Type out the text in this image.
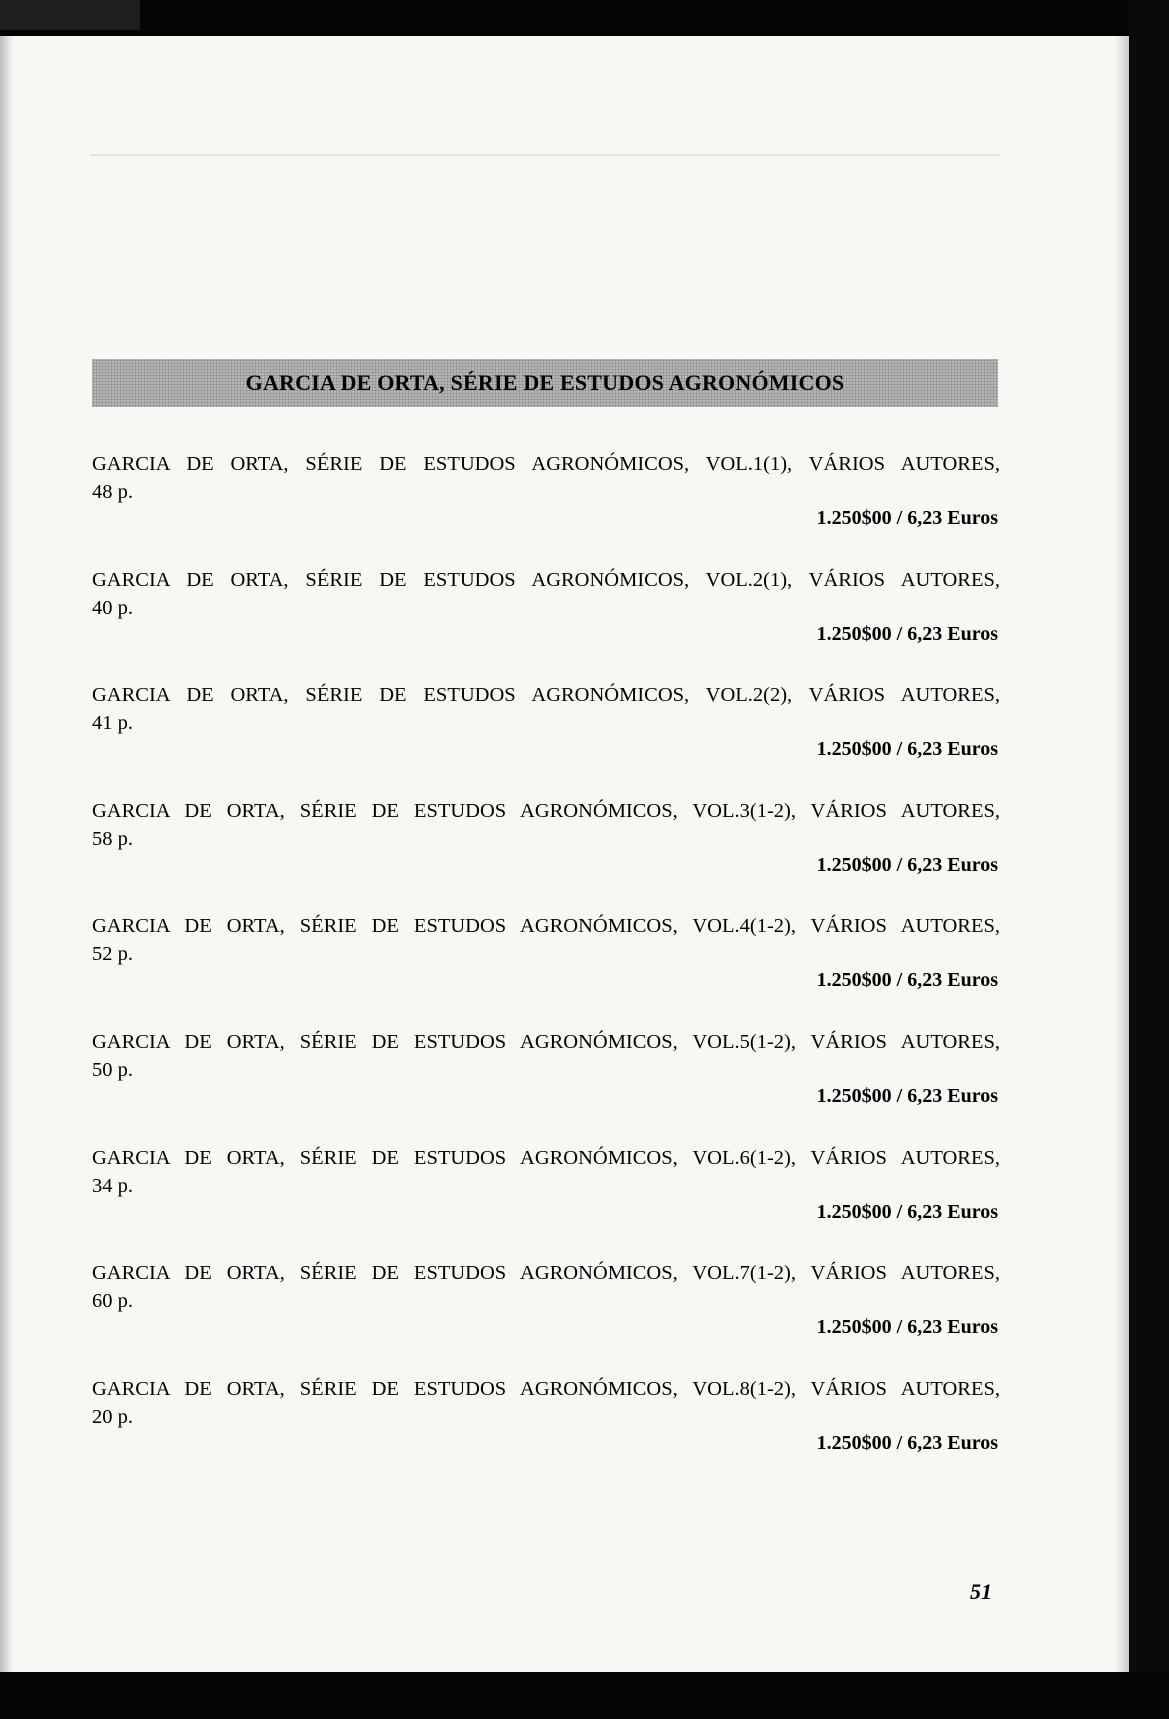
GARCIA DE ORTA, SÉRIE DE ESTUDOS AGRONÓMICOS
GARCIA DE ORTA, SÉRIE DE ESTUDOS AGRONÓMICOS, VOL.1(1), VÁRIOS AUTORES,
48 p.
1.250$00 / 6,23 Euros
GARCIA DE ORTA, SÉRIE DE ESTUDOS AGRONÓMICOS, VOL.2(1), VÁRIOS AUTORES,
40 p.
1.250$00 / 6,23 Euros
GARCIA DE ORTA, SÉRIE DE ESTUDOS AGRONÓMICOS, VOL.2(2), VÁRIOS AUTORES,
41 p.
1.250$00 / 6,23 Euros
GARCIA DE ORTA, SÉRIE DE ESTUDOS AGRONÓMICOS, VOL.3(1-2), VÁRIOS AUTORES,
58 p.
1.250$00 / 6,23 Euros
GARCIA DE ORTA, SÉRIE DE ESTUDOS AGRONÓMICOS, VOL.4(1-2), VÁRIOS AUTORES,
52 p.
1.250$00 / 6,23 Euros
GARCIA DE ORTA, SÉRIE DE ESTUDOS AGRONÓMICOS, VOL.5(1-2), VÁRIOS AUTORES,
50 p.
1.250$00 / 6,23 Euros
GARCIA DE ORTA, SÉRIE DE ESTUDOS AGRONÓMICOS, VOL.6(1-2), VÁRIOS AUTORES,
34 p.
1.250$00 / 6,23 Euros
GARCIA DE ORTA, SÉRIE DE ESTUDOS AGRONÓMICOS, VOL.7(1-2), VÁRIOS AUTORES,
60 p.
1.250$00 / 6,23 Euros
GARCIA DE ORTA, SÉRIE DE ESTUDOS AGRONÓMICOS, VOL.8(1-2), VÁRIOS AUTORES,
20 p.
1.250$00 / 6,23 Euros
51
